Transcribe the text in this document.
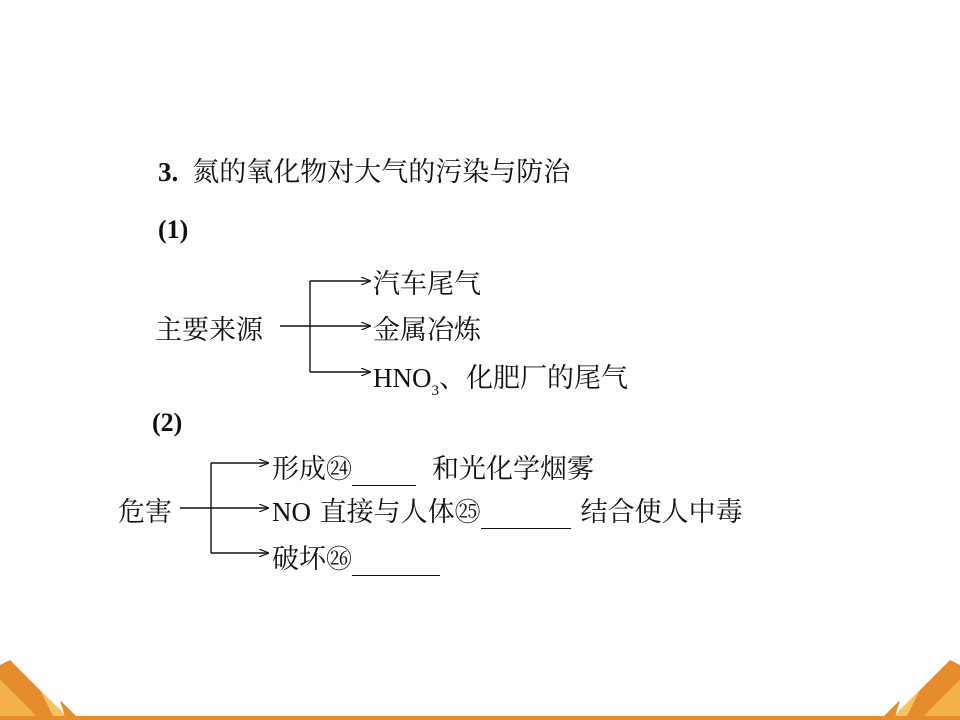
3. 氮的氧化物对大气的污染与防治
(1)
主要来源
汽车尾气
金属冶炼
$HNO_3$、化肥厂的尾气
(2)
危害
形成㉔	和光化学烟雾
NO 直接与人体㉕	结合使人中毒
破坏㉖
